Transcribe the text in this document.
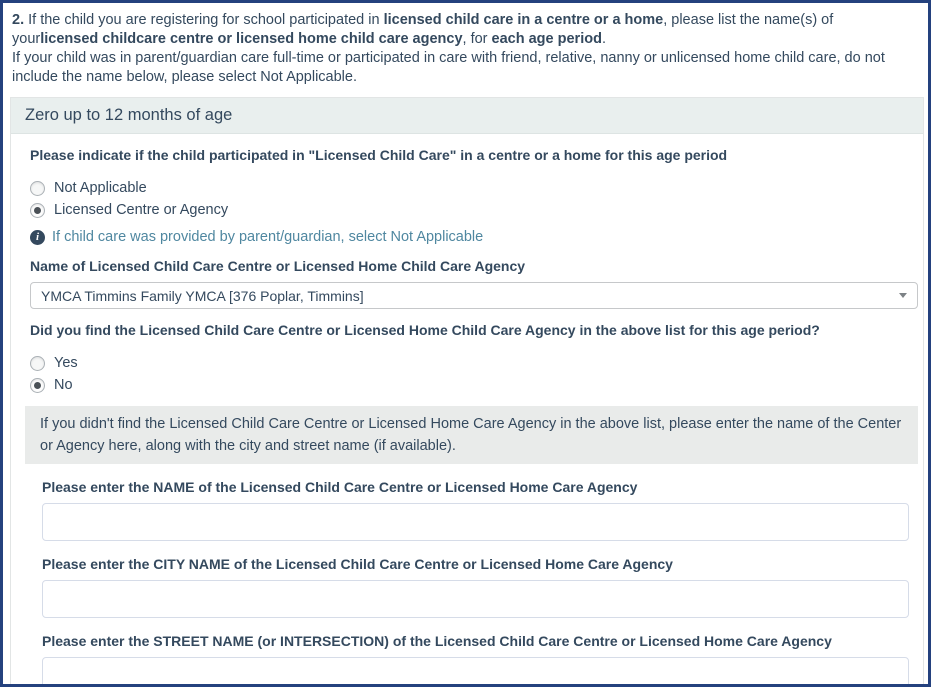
2. If the child you are registering for school participated in licensed child care in a centre or a home, please list the name(s) of yourlicensed childcare centre or licensed home child care agency, for each age period.

If your child was in parent/guardian care full-time or participated in care with friend, relative, nanny or unlicensed home child care, do not include the name below, please select Not Applicable.

Zero up to 12 months of age
Please indicate if the child participated in "Licensed Child Care" in a centre or a home for this age period
Not Applicable
Licensed Centre or Agency
i If child care was provided by parent/guardian, select Not Applicable
Name of Licensed Child Care Centre or Licensed Home Child Care Agency
YMCA Timmins Family YMCA [376 Poplar, Timmins]
Did you find the Licensed Child Care Centre or Licensed Home Child Care Agency in the above list for this age period?
Yes
No
If you didn't find the Licensed Child Care Centre or Licensed Home Care Agency in the above list, please enter the name of the Center or Agency here, along with the city and street name (if available).
Please enter the NAME of the Licensed Child Care Centre or Licensed Home Care Agency
Please enter the CITY NAME of the Licensed Child Care Centre or Licensed Home Care Agency
Please enter the STREET NAME (or INTERSECTION) of the Licensed Child Care Centre or Licensed Home Care Agency
